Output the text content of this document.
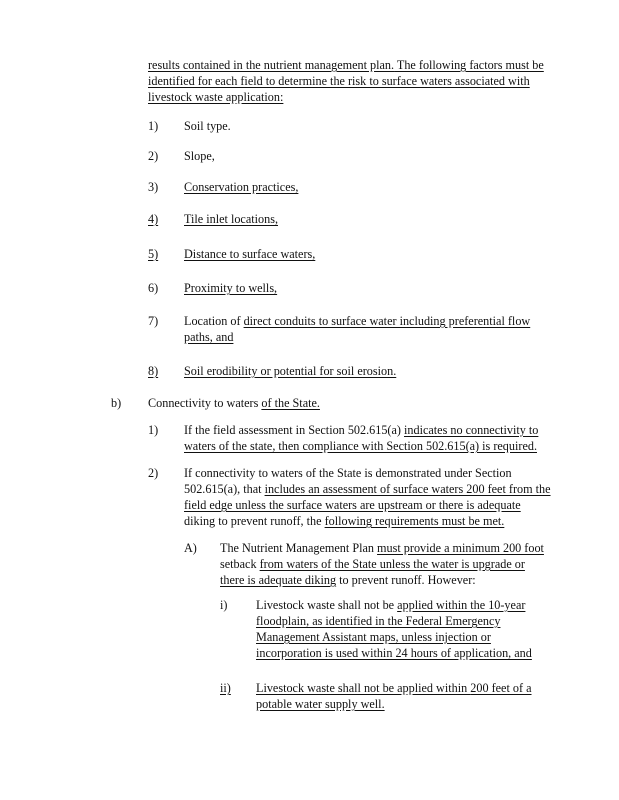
results contained in the nutrient management plan. The following factors must be
identified for each field to determine the risk to surface waters associated with
livestock waste application:
1) Soil type.
2) Slope,
3) Conservation practices,
4) Tile inlet locations,
5) Distance to surface waters,
6) Proximity to wells,
7) Location of direct conduits to surface water including preferential flow
paths, and
8) Soil erodibility or potential for soil erosion.
b) Connectivity to waters of the State.
1) If the field assessment in Section 502.615(a) indicates no connectivity to
waters of the state, then compliance with Section 502.615(a) is required.
2) If connectivity to waters of the State is demonstrated under Section
502.615(a), that includes an assessment of surface waters 200 feet from the
field edge unless the surface waters are upstream or there is adequate
diking to prevent runoff, the following requirements must be met.
A) The Nutrient Management Plan must provide a minimum 200 foot
setback from waters of the State unless the water is upgrade or
there is adequate diking to prevent runoff. However:
i) Livestock waste shall not be applied within the 10-year
floodplain, as identified in the Federal Emergency
Management Assistant maps, unless injection or
incorporation is used within 24 hours of application, and
ii) Livestock waste shall not be applied within 200 feet of a
potable water supply well.
